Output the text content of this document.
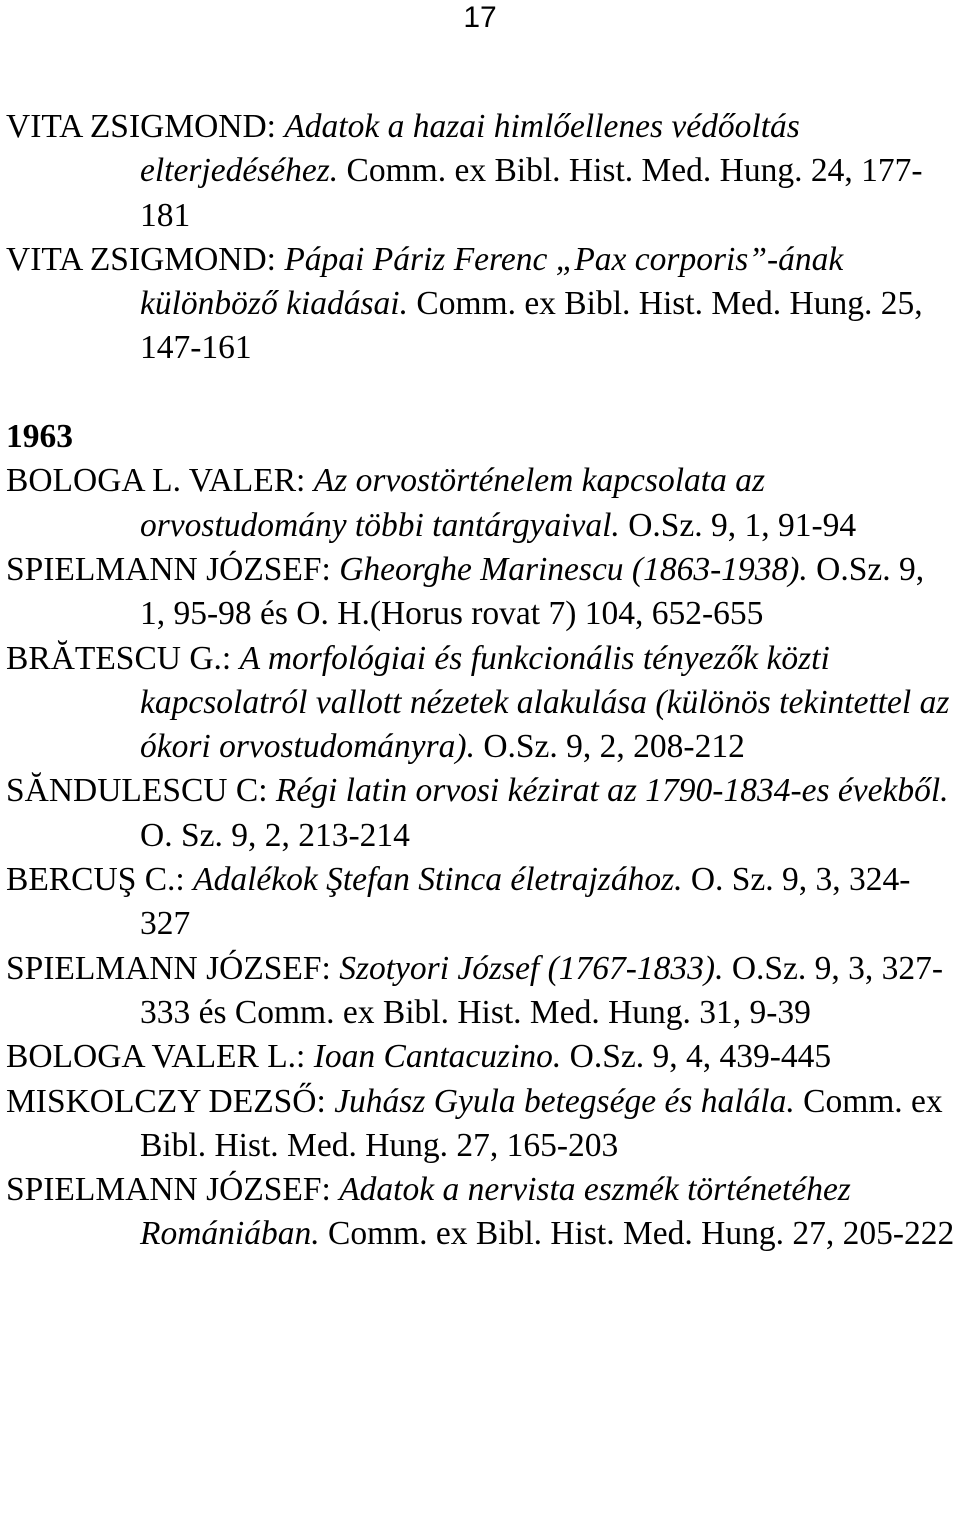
17

VITA ZSIGMOND: Adatok a hazai himlőellenes védőoltás elterjedéséhez. Comm. ex Bibl. Hist. Med. Hung. 24, 177-181

VITA ZSIGMOND: Pápai Páriz Ferenc „Pax corporis”-ának különböző kiadásai. Comm. ex Bibl. Hist. Med. Hung. 25, 147-161

1963

BOLOGA L. VALER: Az orvostörténelem kapcsolata az orvostudomány többi tantárgyaival. O.Sz. 9, 1, 91-94

SPIELMANN JÓZSEF: Gheorghe Marinescu (1863-1938). O.Sz. 9, 1, 95-98 és O. H.(Horus rovat 7) 104, 652-655

BRĂTESCU G.: A morfológiai és funkcionális tényezők közti kapcsolatról vallott nézetek alakulása (különös tekintettel az ókori orvostudományra). O.Sz. 9, 2, 208-212

SĂNDULESCU C: Régi latin orvosi kézirat az 1790-1834-es évekből. O. Sz. 9, 2, 213-214

BERCUŞ C.: Adalékok Ştefan Stinca életrajzához. O. Sz. 9, 3, 324-327

SPIELMANN JÓZSEF: Szotyori József (1767-1833). O.Sz. 9, 3, 327-333 és Comm. ex Bibl. Hist. Med. Hung. 31, 9-39

BOLOGA VALER L.: Ioan Cantacuzino. O.Sz. 9, 4, 439-445

MISKOLCZY DEZSŐ: Juhász Gyula betegsége és halála. Comm. ex Bibl. Hist. Med. Hung. 27, 165-203

SPIELMANN JÓZSEF: Adatok a nervista eszmék történetéhez Romániában. Comm. ex Bibl. Hist. Med. Hung. 27, 205-222
